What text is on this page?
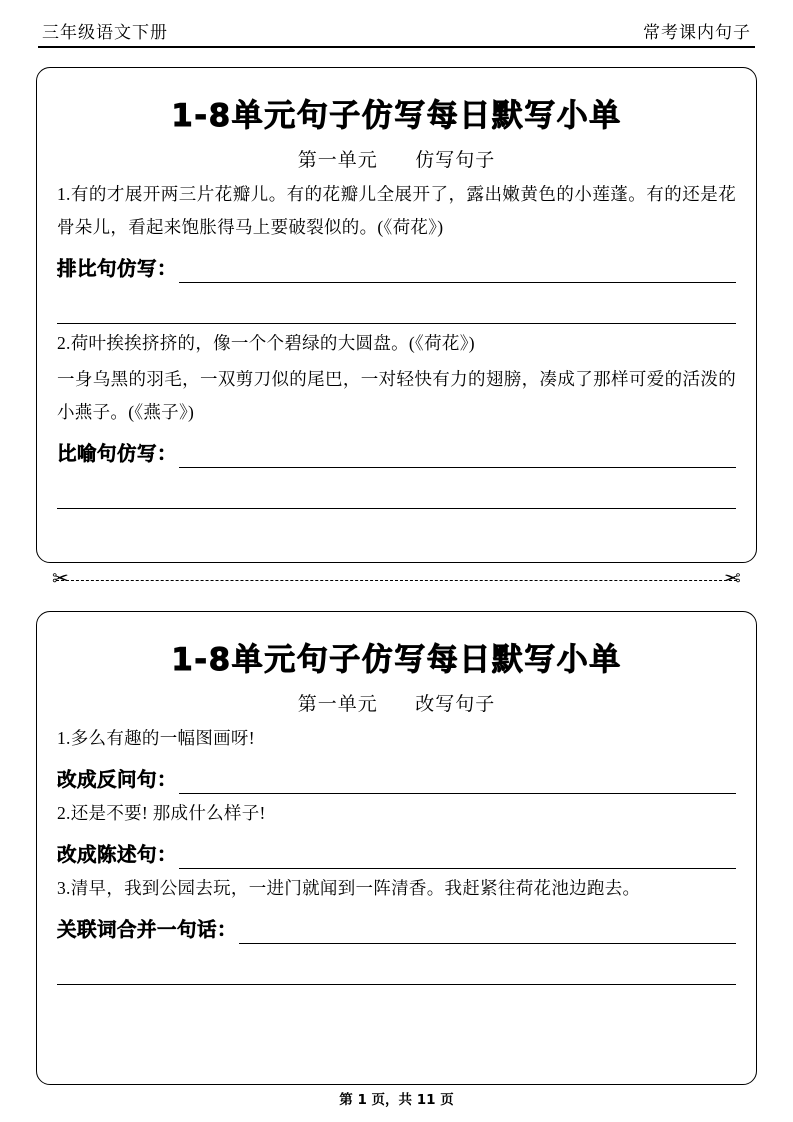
三年级语文下册	常考课内句子
1-8单元句子仿写每日默写小单
第一单元 仿写句子
1.有的才展开两三片花瓣儿。有的花瓣儿全展开了，露出嫩黄色的小莲蓬。有的还是花骨朵儿，看起来饱胀得马上要破裂似的。(《荷花》)
排比句仿写：
2.荷叶挨挨挤挤的，像一个个碧绿的大圆盘。(《荷花》)
一身乌黑的羽毛，一双剪刀似的尾巴，一对轻快有力的翅膀，凑成了那样可爱的活泼的小燕子。(《燕子》)
比喻句仿写：
✂	✂
1-8单元句子仿写每日默写小单
第一单元 改写句子
1.多么有趣的一幅图画呀!
改成反问句：
2.还是不要! 那成什么样子!
改成陈述句：
3.清早，我到公园去玩，一进门就闻到一阵清香。我赶紧往荷花池边跑去。
关联词合并一句话：
第 1 页，共 11 页
